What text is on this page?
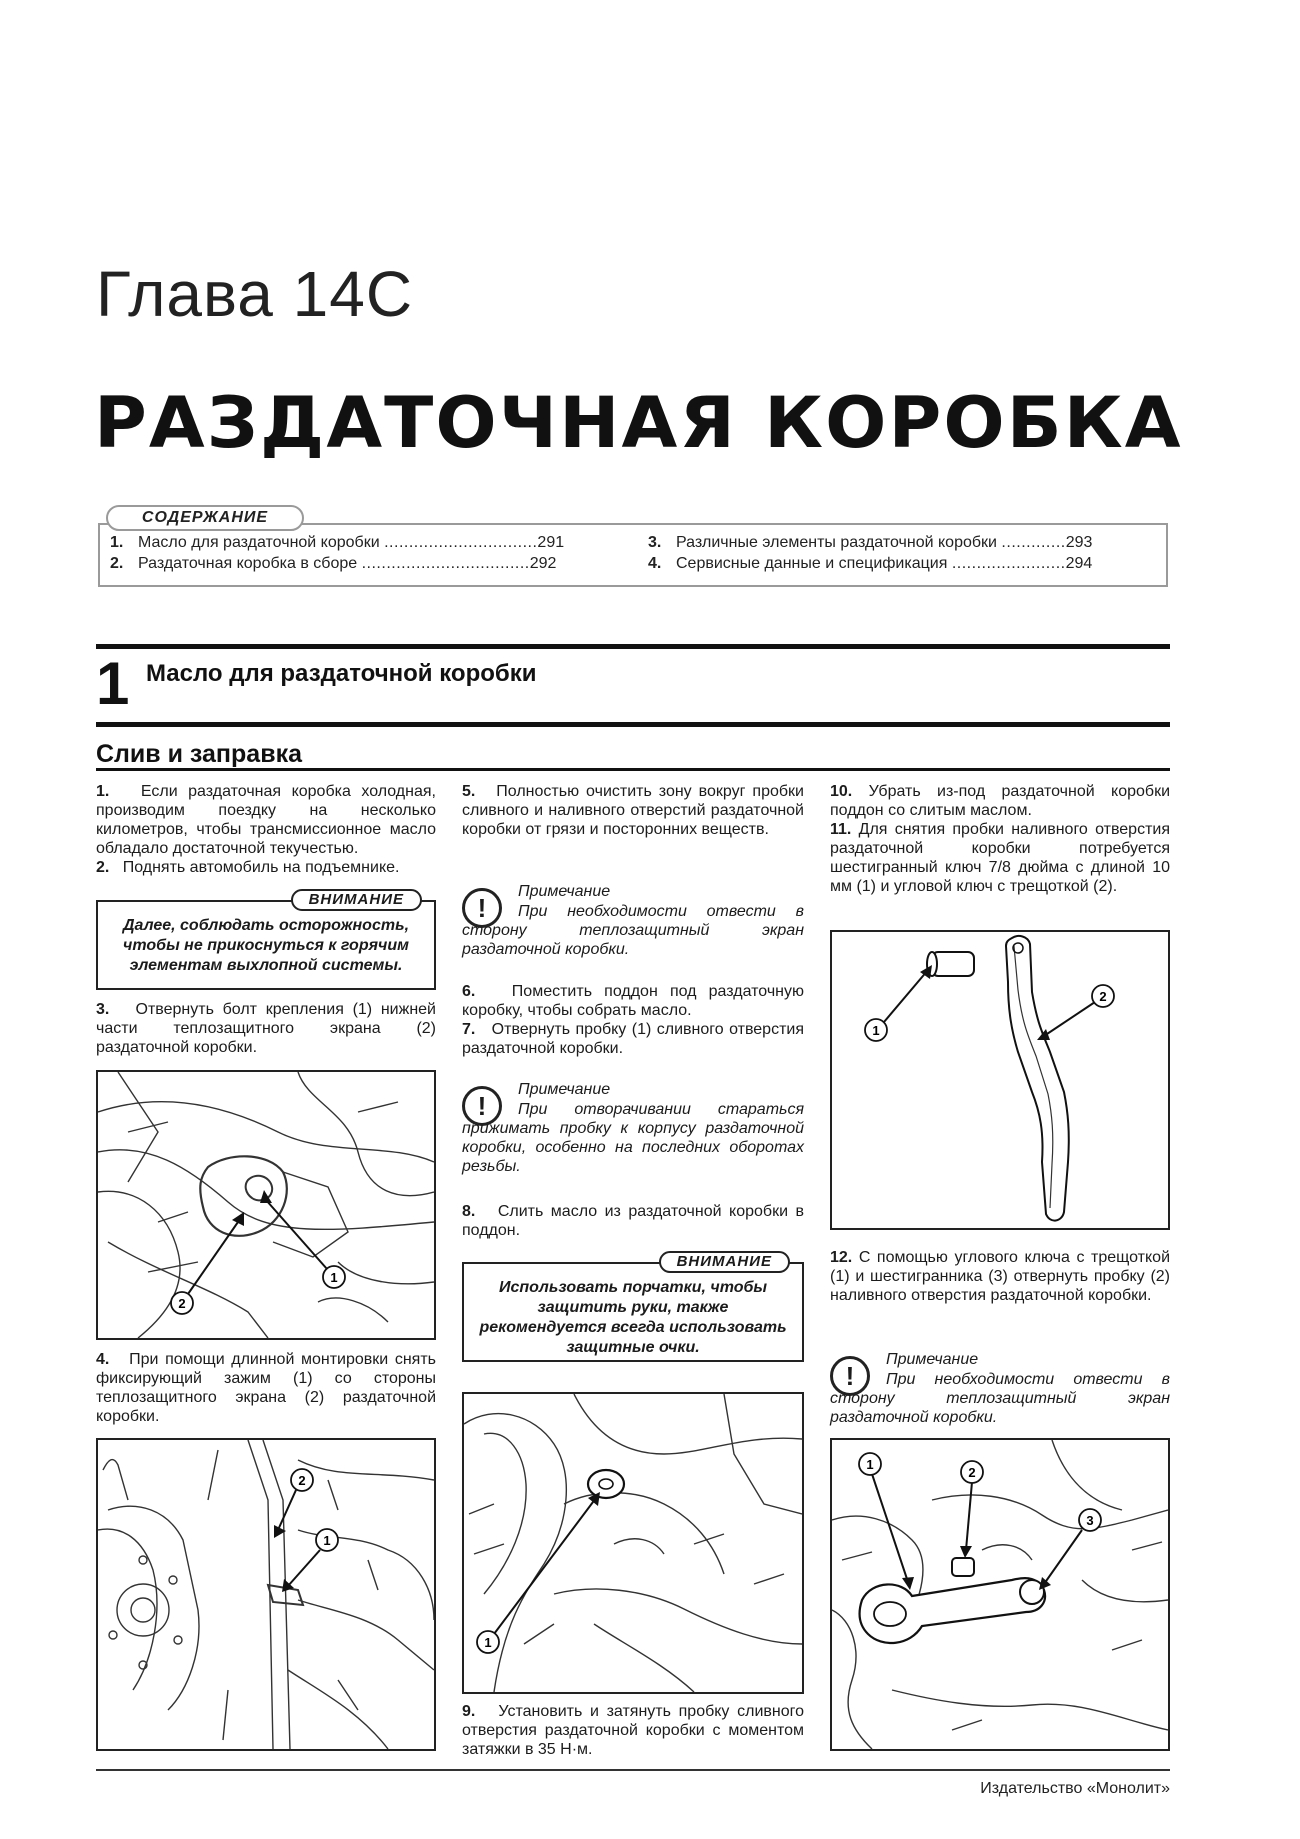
Глава 14С
РАЗДАТОЧНАЯ КОРОБКА
СОДЕРЖАНИЕ
1. Масло для раздаточной коробки ...............................291
2. Раздаточная коробка в сборе ..................................292
3. Различные элементы раздаточной коробки .............293
4. Сервисные данные и спецификация .......................294
1 Масло для раздаточной коробки
Слив и заправка

1. Если раздаточная коробка холодная, производим поездку на несколько километров, чтобы трансмиссионное масло обладало достаточной текучестью.

2. Поднять автомобиль на подъемнике.

ВНИМАНИЕ
Далее, соблюдать осторожность, чтобы не прикоснуться к горячим элементам выхлопной системы.
3. Отвернуть болт крепления (1) нижней части теплозащитного экрана (2) раздаточной коробки.
1
2
4. При помощи длинной монтировки снять фиксирующий зажим (1) со стороны теплозащитного экрана (2) раздаточной коробки.
2
1
5. Полностью очистить зону вокруг пробки сливного и наливного отверстий раздаточной коробки от грязи и посторонних веществ.
!
Примечание
При необходимости отвести в сторону теплозащитный экран раздаточной коробки.

6. Поместить поддон под раздаточную коробку, чтобы собрать масло.

7. Отвернуть пробку (1) сливного отверстия раздаточной коробки.

!
Примечание
При отворачивании стараться прижимать пробку к корпусу раздаточной коробки, особенно на последних оборотах резьбы.
8. Слить масло из раздаточной коробки в поддон.
ВНИМАНИЕ
Использовать порчатки, чтобы защитить руки, также рекомендуется всегда использовать защитные очки.
1
9. Установить и затянуть пробку сливного отверстия раздаточной коробки с моментом затяжки в 35 Н·м.

10. Убрать из-под раздаточной коробки поддон со слитым маслом.

11. Для снятия пробки наливного отверстия раздаточной коробки потребуется шестигранный ключ 7/8 дюйма с длиной 10 мм (1) и угловой ключ с трещоткой (2).

1
2
12. С помощью углового ключа с трещоткой (1) и шестигранника (3) отвернуть пробку (2) наливного отверстия раздаточной коробки.
!
Примечание
При необходимости отвести в сторону теплозащитный экран раздаточной коробки.
1
2
3
Издательство «Монолит»
